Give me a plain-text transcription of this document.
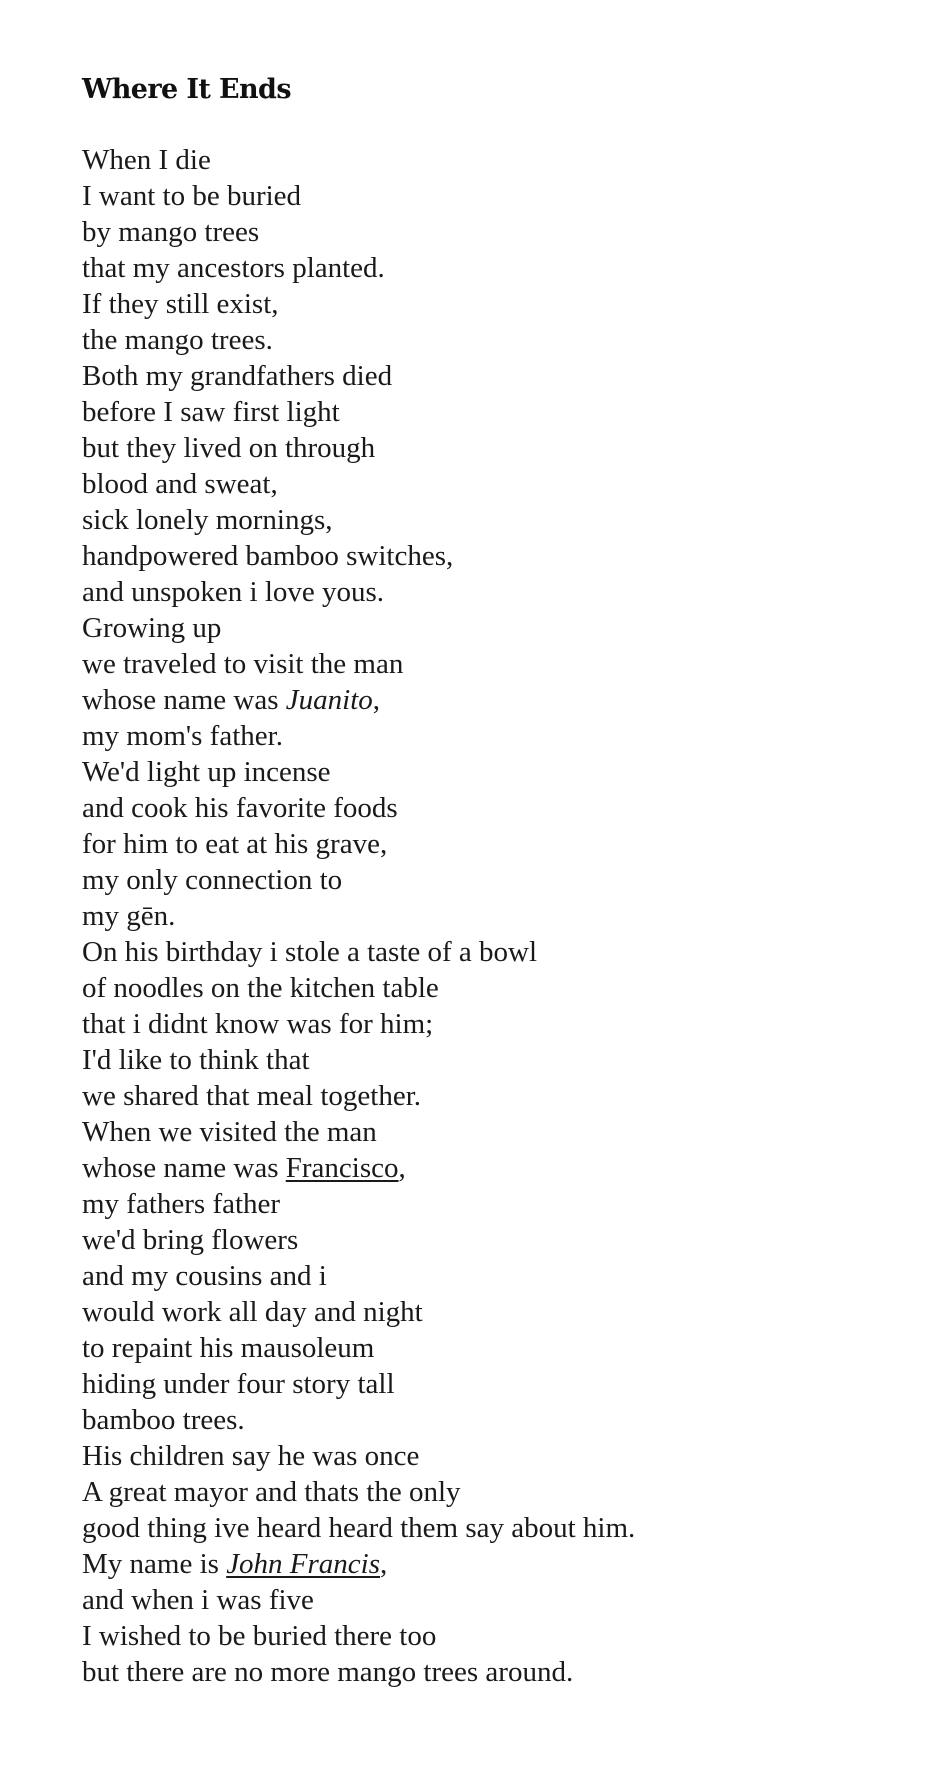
Where It Ends
When I die
I want to be buried
by mango trees
that my ancestors planted.
If they still exist,
the mango trees.
Both my grandfathers died
before I saw first light
but they lived on through
blood and sweat,
sick lonely mornings,
handpowered bamboo switches,
and unspoken i love yous.
Growing up
we traveled to visit the man
whose name was Juanito,
my mom's father.
We'd light up incense
and cook his favorite foods
for him to eat at his grave,
my only connection to
my gēn.
On his birthday i stole a taste of a bowl
of noodles on the kitchen table
that i didnt know was for him;
I'd like to think that
we shared that meal together.
When we visited the man
whose name was Francisco,
my fathers father
we'd bring flowers
and my cousins and i
would work all day and night
to repaint his mausoleum
hiding under four story tall
bamboo trees.
His children say he was once
A great mayor and thats the only
good thing ive heard heard them say about him.
My name is John Francis,
and when i was five
I wished to be buried there too
but there are no more mango trees around.
